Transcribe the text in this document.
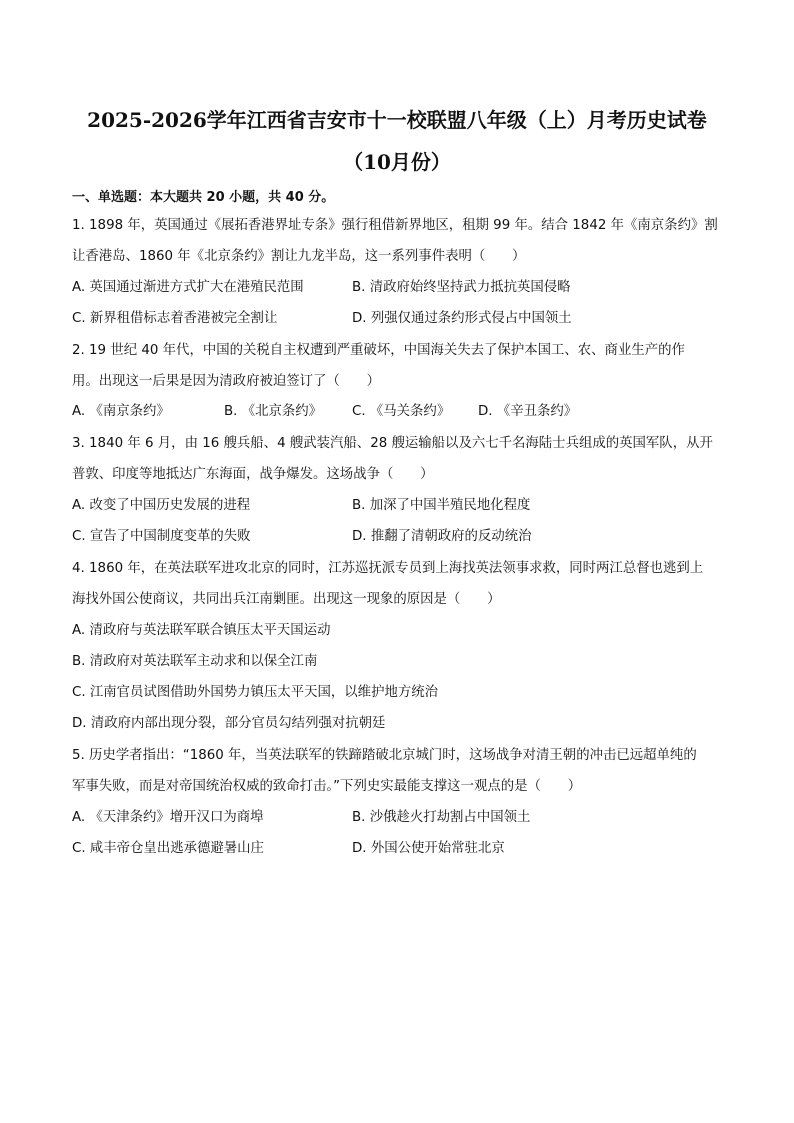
2025-2026学年江西省吉安市十一校联盟八年级（上）月考历史试卷
（10月份）
一、单选题：本大题共 20 小题，共 40 分。
1. 1898 年，英国通过《展拓香港界址专条》强行租借新界地区，租期 99 年。结合 1842 年《南京条约》割
让香港岛、1860 年《北京条约》割让九龙半岛，这一系列事件表明（　　）
A. 英国通过渐进方式扩大在港殖民范围	B. 清政府始终坚持武力抵抗英国侵略
C. 新界租借标志着香港被完全割让	D. 列强仅通过条约形式侵占中国领土
2. 19 世纪 40 年代，中国的关税自主权遭到严重破坏，中国海关失去了保护本国工、农、商业生产的作
用。出现这一后果是因为清政府被迫签订了（　　）
A. 《南京条约》	B. 《北京条约》 C. 《马关条约》 D. 《辛丑条约》
3. 1840 年 6 月，由 16 艘兵船、4 艘武装汽船、28 艘运输船以及六七千名海陆士兵组成的英国军队，从开
普敦、印度等地抵达广东海面，战争爆发。这场战争（　　）
A. 改变了中国历史发展的进程	B. 加深了中国半殖民地化程度
C. 宣告了中国制度变革的失败	D. 推翻了清朝政府的反动统治
4. 1860 年，在英法联军进攻北京的同时，江苏巡抚派专员到上海找英法领事求救，同时两江总督也逃到上
海找外国公使商议，共同出兵江南剿匪。出现这一现象的原因是（　　）
A. 清政府与英法联军联合镇压太平天国运动
B. 清政府对英法联军主动求和以保全江南
C. 江南官员试图借助外国势力镇压太平天国，以维护地方统治
D. 清政府内部出现分裂，部分官员勾结列强对抗朝廷
5. 历史学者指出：“1860 年，当英法联军的铁蹄踏破北京城门时，这场战争对清王朝的冲击已远超单纯的
军事失败，而是对帝国统治权威的致命打击。”下列史实最能支撑这一观点的是（　　）
A. 《天津条约》增开汉口为商埠	B. 沙俄趁火打劫割占中国领土
C. 咸丰帝仓皇出逃承德避暑山庄	D. 外国公使开始常驻北京
